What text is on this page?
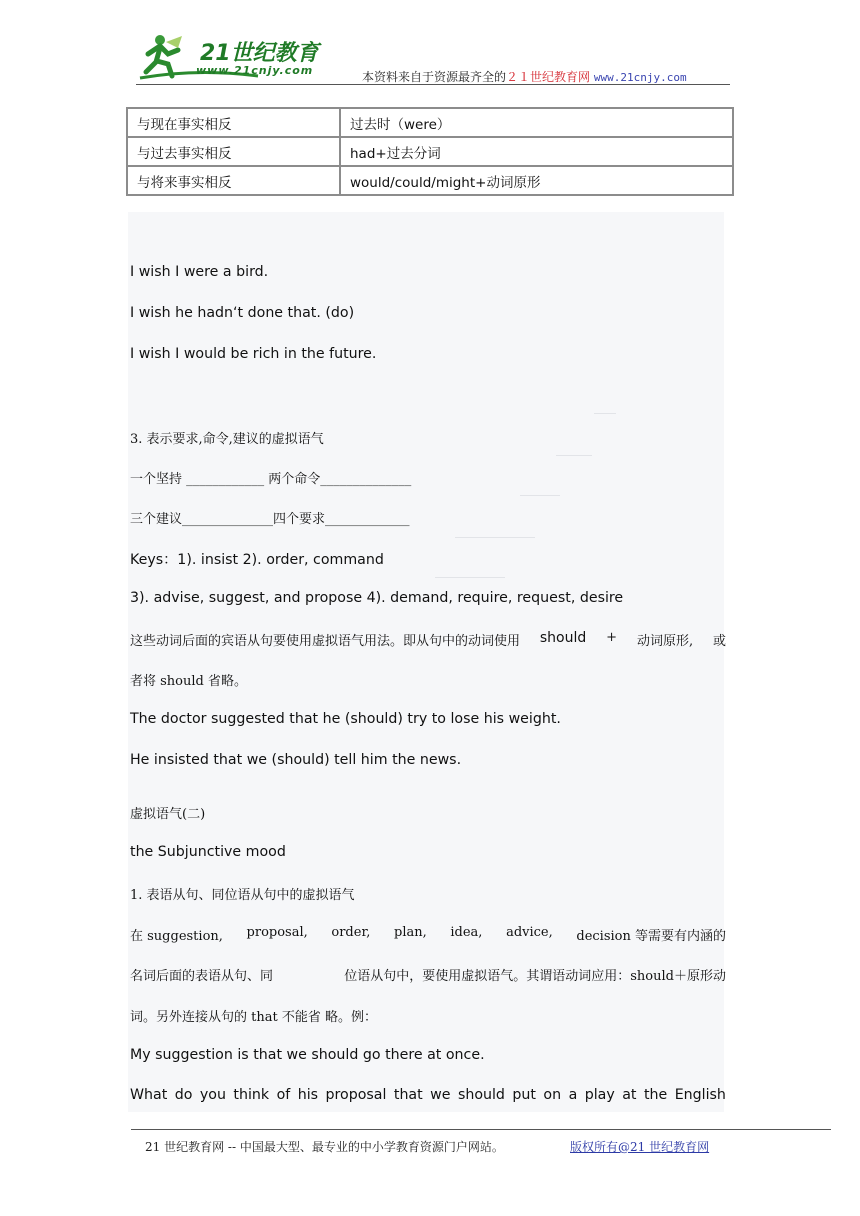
21世纪教育
www.21cnjy.com	本资料来自于资源最齐全的２１世纪教育网 www.21cnjy.com
与现在事实相反	过去时（were）
与过去事实相反	had+过去分词
与将来事实相反	would/could/might+动词原形
I wish I were a bird.
I wish he hadn‘t done that. (do)
I wish I would be rich in the future.
3. 表示要求,命令,建议的虚拟语气
一个坚持 ____________ 两个命令______________
三个建议______________四个要求_____________
Keys：1). insist 2). order, command
3). advise, suggest, and propose 4). demand, require, request, desire
这些动词后面的宾语从句要使用虚拟语气用法。即从句中的动词使用 should + 动词原形, 或
者将 should 省略。
The doctor suggested that he (should) try to lose his weight.
He insisted that we (should) tell him the news.
虚拟语气(二)
the Subjunctive mood
1. 表语从句、同位语从句中的虚拟语气
在 suggestion, proposal, order, plan, idea, advice, decision 等需要有内涵的
名词后面的表语从句、同	位语从句中，要使用虚拟语气。其谓语动词应用：should＋原形动
词。另外连接从句的 that 不能省 略。例：
My suggestion is that we should go there at once.
What do you think of his proposal that we should put on a play at the English
21 世纪教育网 -- 中国最大型、最专业的中小学教育资源门户网站。	版权所有@21 世纪教育网
